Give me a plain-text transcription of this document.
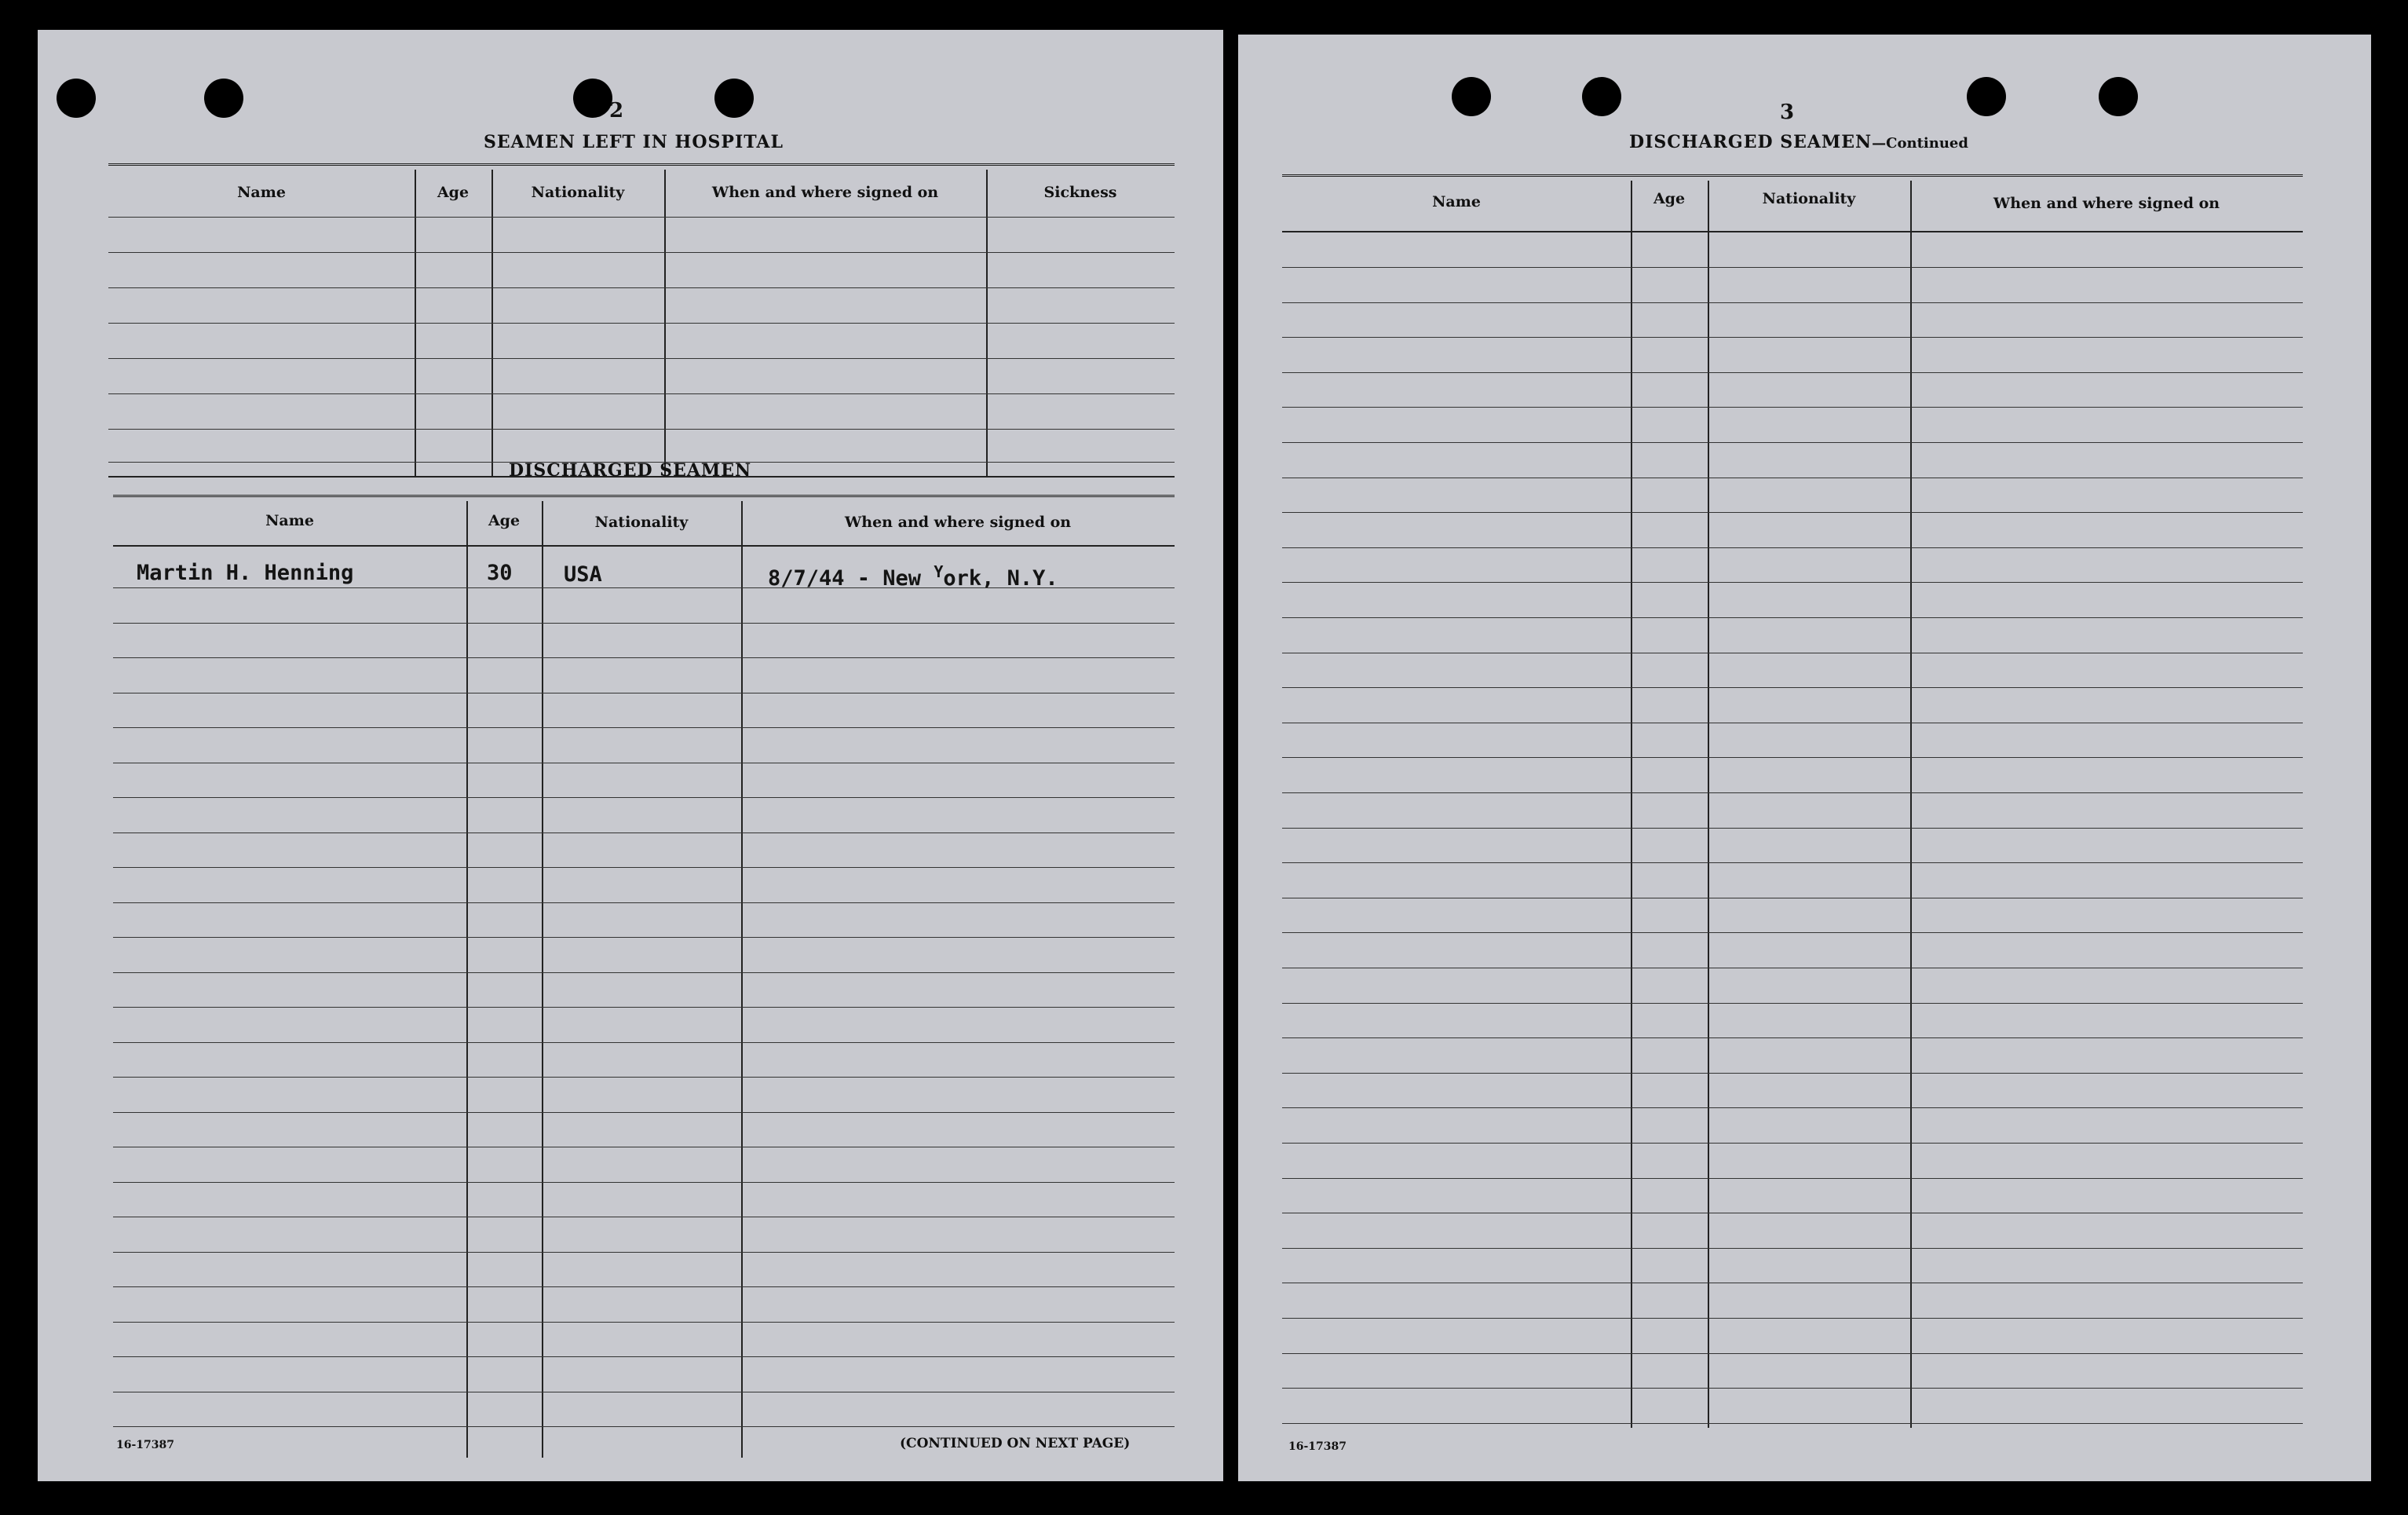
2
SEAMEN LEFT IN HOSPITAL
Name	Age	Nationality	When and where signed on	Sickness
DISCHARGED SEAMEN
Name	Age	Nationality	When and where signed on
Martin H. Henning	30 USA	8/7/44 - New $^Y$ork, N.Y.
16-17387	(CONTINUED ON NEXT PAGE)
3
DISCHARGED SEAMEN—Continued
Name	Age	Nationality	When and where signed on
16-17387
